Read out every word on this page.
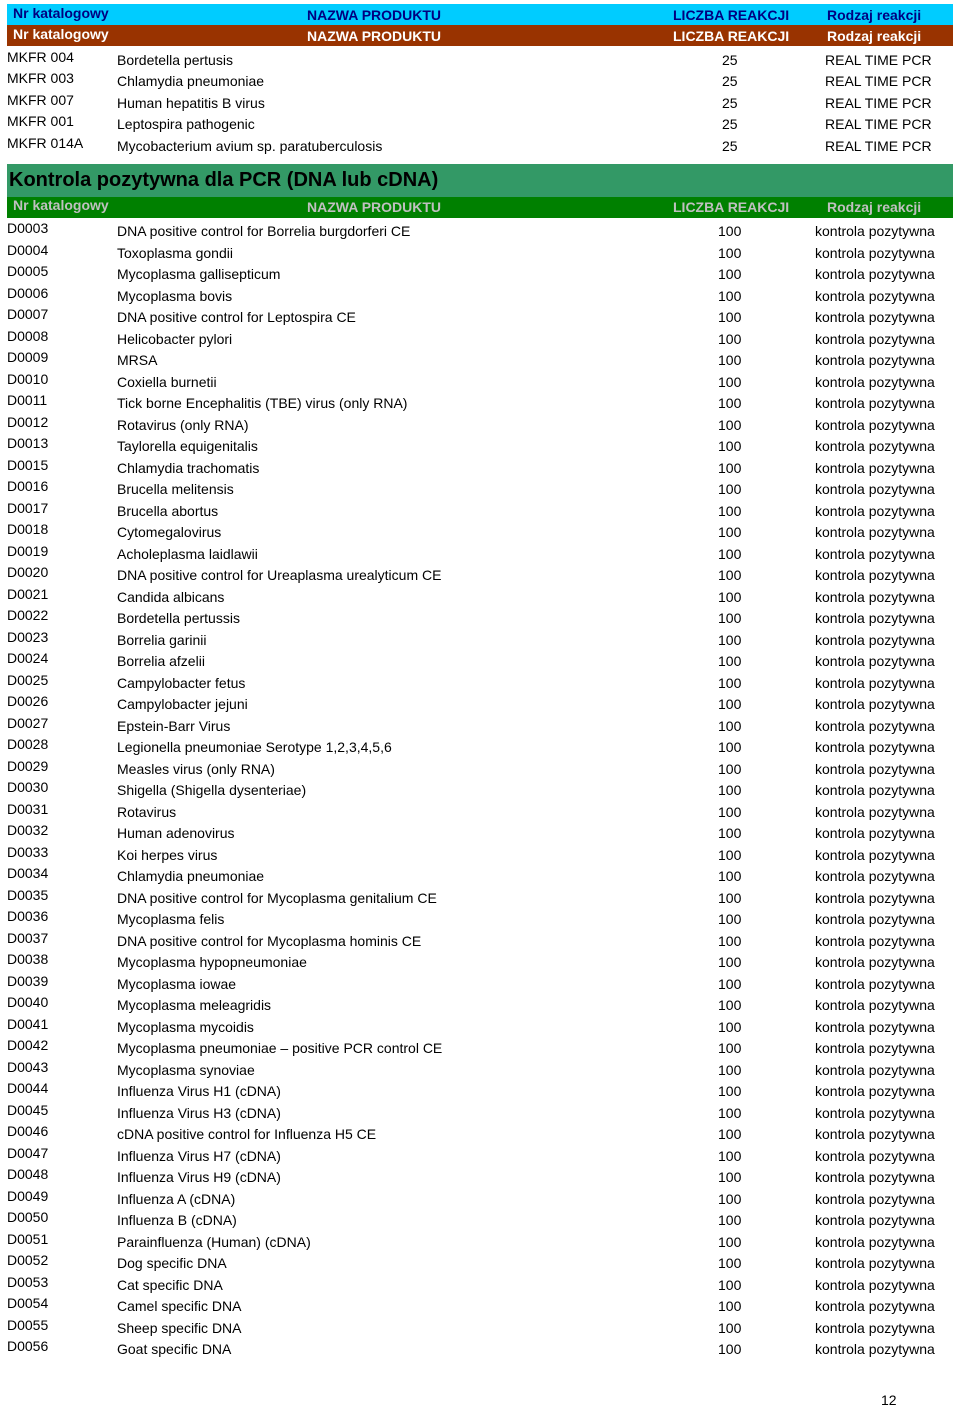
Nr katalogowy	NAZWA PRODUKTU	LICZBA REAKCJI	Rodzaj reakcji
Nr katalogowy	NAZWA PRODUKTU	LICZBA REAKCJI	Rodzaj reakcji
MKFR 004	Bordetella pertusis	25	REAL TIME PCR
MKFR 003	Chlamydia pneumoniae	25	REAL TIME PCR
MKFR 007	Human hepatitis B virus	25	REAL TIME PCR
MKFR 001	Leptospira pathogenic	25	REAL TIME PCR
MKFR 014A	Mycobacterium avium sp. paratuberculosis	25	REAL TIME PCR
Kontrola pozytywna dla PCR (DNA lub cDNA)
Nr katalogowy	NAZWA PRODUKTU	LICZBA REAKCJI	Rodzaj reakcji
D0003	DNA positive control for Borrelia burgdorferi CE	100	kontrola pozytywna
D0004	Toxoplasma gondii	100	kontrola pozytywna
D0005	Mycoplasma gallisepticum	100	kontrola pozytywna
D0006	Mycoplasma bovis	100	kontrola pozytywna
D0007	DNA positive control for Leptospira CE	100	kontrola pozytywna
D0008	Helicobacter pylori	100	kontrola pozytywna
D0009	MRSA	100	kontrola pozytywna
D0010	Coxiella burnetii	100	kontrola pozytywna
D0011	Tick borne Encephalitis (TBE) virus (only RNA)	100	kontrola pozytywna
D0012	Rotavirus (only RNA)	100	kontrola pozytywna
D0013	Taylorella equigenitalis	100	kontrola pozytywna
D0015	Chlamydia trachomatis	100	kontrola pozytywna
D0016	Brucella melitensis	100	kontrola pozytywna
D0017	Brucella abortus	100	kontrola pozytywna
D0018	Cytomegalovirus	100	kontrola pozytywna
D0019	Acholeplasma laidlawii	100	kontrola pozytywna
D0020	DNA positive control for Ureaplasma urealyticum CE	100	kontrola pozytywna
D0021	Candida albicans	100	kontrola pozytywna
D0022	Bordetella pertussis	100	kontrola pozytywna
D0023	Borrelia garinii	100	kontrola pozytywna
D0024	Borrelia afzelii	100	kontrola pozytywna
D0025	Campylobacter fetus	100	kontrola pozytywna
D0026	Campylobacter jejuni	100	kontrola pozytywna
D0027	Epstein-Barr Virus	100	kontrola pozytywna
D0028	Legionella pneumoniae Serotype 1,2,3,4,5,6	100	kontrola pozytywna
D0029	Measles virus (only RNA)	100	kontrola pozytywna
D0030	Shigella (Shigella dysenteriae)	100	kontrola pozytywna
D0031	Rotavirus	100	kontrola pozytywna
D0032	Human adenovirus	100	kontrola pozytywna
D0033	Koi herpes virus	100	kontrola pozytywna
D0034	Chlamydia pneumoniae	100	kontrola pozytywna
D0035	DNA positive control for Mycoplasma genitalium CE	100	kontrola pozytywna
D0036	Mycoplasma felis	100	kontrola pozytywna
D0037	DNA positive control for Mycoplasma hominis CE	100	kontrola pozytywna
D0038	Mycoplasma hypopneumoniae	100	kontrola pozytywna
D0039	Mycoplasma iowae	100	kontrola pozytywna
D0040	Mycoplasma meleagridis	100	kontrola pozytywna
D0041	Mycoplasma mycoidis	100	kontrola pozytywna
D0042	Mycoplasma pneumoniae – positive PCR control CE	100	kontrola pozytywna
D0043	Mycoplasma synoviae	100	kontrola pozytywna
D0044	Influenza Virus H1 (cDNA)	100	kontrola pozytywna
D0045	Influenza Virus H3 (cDNA)	100	kontrola pozytywna
D0046	cDNA positive control for Influenza H5 CE	100	kontrola pozytywna
D0047	Influenza Virus H7 (cDNA)	100	kontrola pozytywna
D0048	Influenza Virus H9 (cDNA)	100	kontrola pozytywna
D0049	Influenza A (cDNA)	100	kontrola pozytywna
D0050	Influenza B (cDNA)	100	kontrola pozytywna
D0051	Parainfluenza (Human) (cDNA)	100	kontrola pozytywna
D0052	Dog specific DNA	100	kontrola pozytywna
D0053	Cat specific DNA	100	kontrola pozytywna
D0054	Camel specific DNA	100	kontrola pozytywna
D0055	Sheep specific DNA	100	kontrola pozytywna
D0056	Goat specific DNA	100	kontrola pozytywna
12
